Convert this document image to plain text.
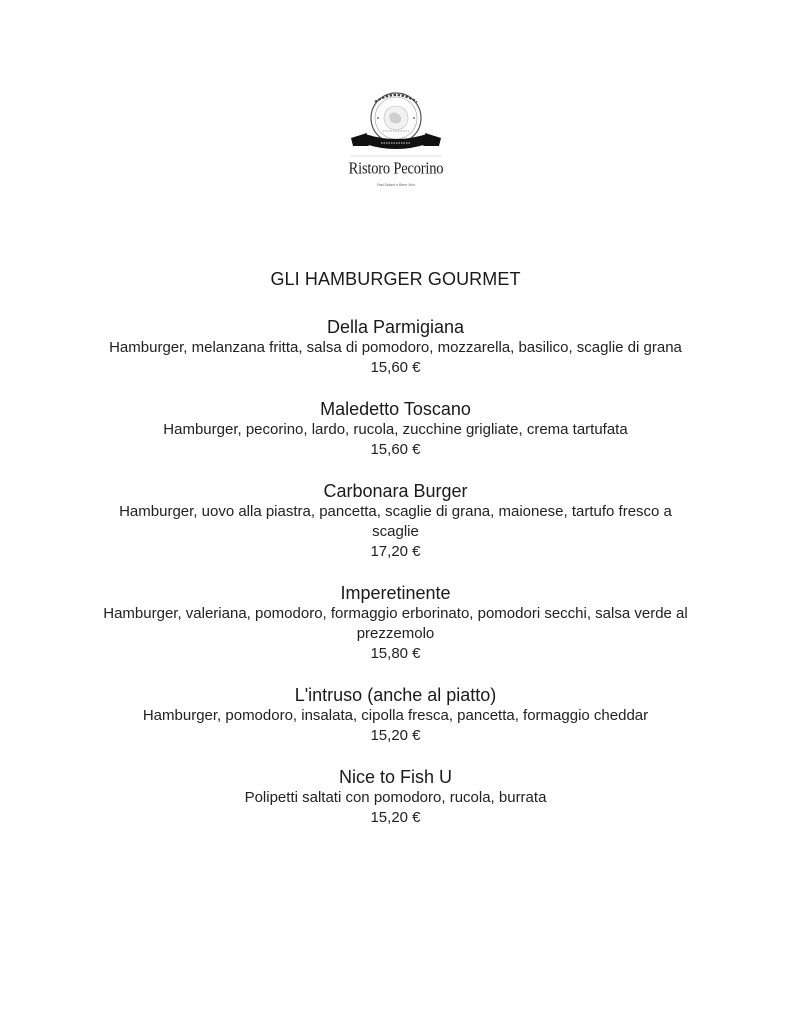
Ristoro Pecorino
Fast Salumi e Bene Vino
GLI HAMBURGER GOURMET

Della Parmigiana

Hamburger, melanzana fritta, salsa di pomodoro, mozzarella, basilico, scaglie di grana

15,60 €

Maledetto Toscano

Hamburger, pecorino, lardo, rucola, zucchine grigliate, crema tartufata

15,60 €

Carbonara Burger

Hamburger, uovo alla piastra, pancetta, scaglie di grana, maionese, tartufo fresco a scaglie

17,20 €

Imperetinente

Hamburger, valeriana, pomodoro, formaggio erborinato, pomodori secchi, salsa verde al prezzemolo

15,80 €

L'intruso (anche al piatto)

Hamburger, pomodoro, insalata, cipolla fresca, pancetta, formaggio cheddar

15,20 €

Nice to Fish U

Polipetti saltati con pomodoro, rucola, burrata

15,20 €
